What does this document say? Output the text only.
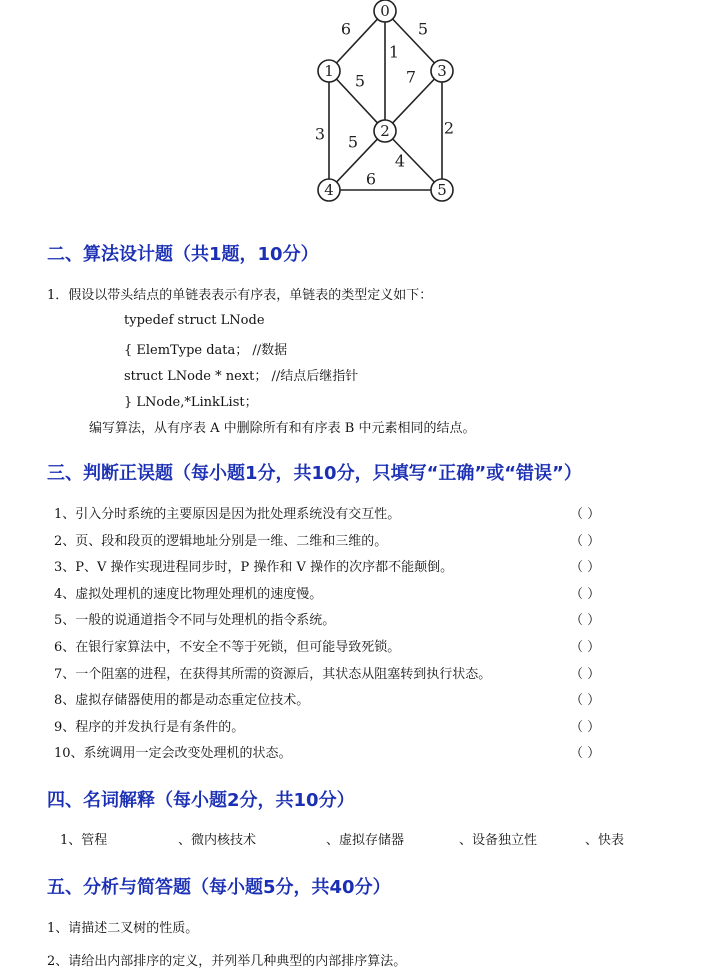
6
1
5
5	7
3	2
5
4
6
0
1
2
3
4	5
二、算法设计题（共1题，10分）
1．假设以带头结点的单链表表示有序表，单链表的类型定义如下：
typedef struct LNode
{ ElemType data； //数据
struct LNode * next； //结点后继指针
} LNode,*LinkList；
编写算法，从有序表 A 中删除所有和有序表 B 中元素相同的结点。
三、判断正误题（每小题1分，共10分，只填写“正确”或“错误”）
1、引入分时系统的主要原因是因为批处理系统没有交互性。	（ ）
2、页、段和段页的逻辑地址分别是一维、二维和三维的。	（ ）
3、P、V 操作实现进程同步时，P 操作和 V 操作的次序都不能颠倒。	（ ）
4、虚拟处理机的速度比物理处理机的速度慢。	（ ）
5、一般的说通道指令不同与处理机的指令系统。	（ ）
6、在银行家算法中，不安全不等于死锁，但可能导致死锁。	（ ）
7、一个阻塞的进程，在获得其所需的资源后，其状态从阻塞转到执行状态。	（ ）
8、虚拟存储器使用的都是动态重定位技术。	（ ）
9、程序的并发执行是有条件的。	（ ）
10、系统调用一定会改变处理机的状态。	（ ）
四、名词解释（每小题2分，共10分）
1、管程	、微内核技术	、虚拟存储器	、设备独立性	、快表
五、分析与简答题（每小题5分，共40分）
1、请描述二叉树的性质。
2、请给出内部排序的定义，并列举几种典型的内部排序算法。
